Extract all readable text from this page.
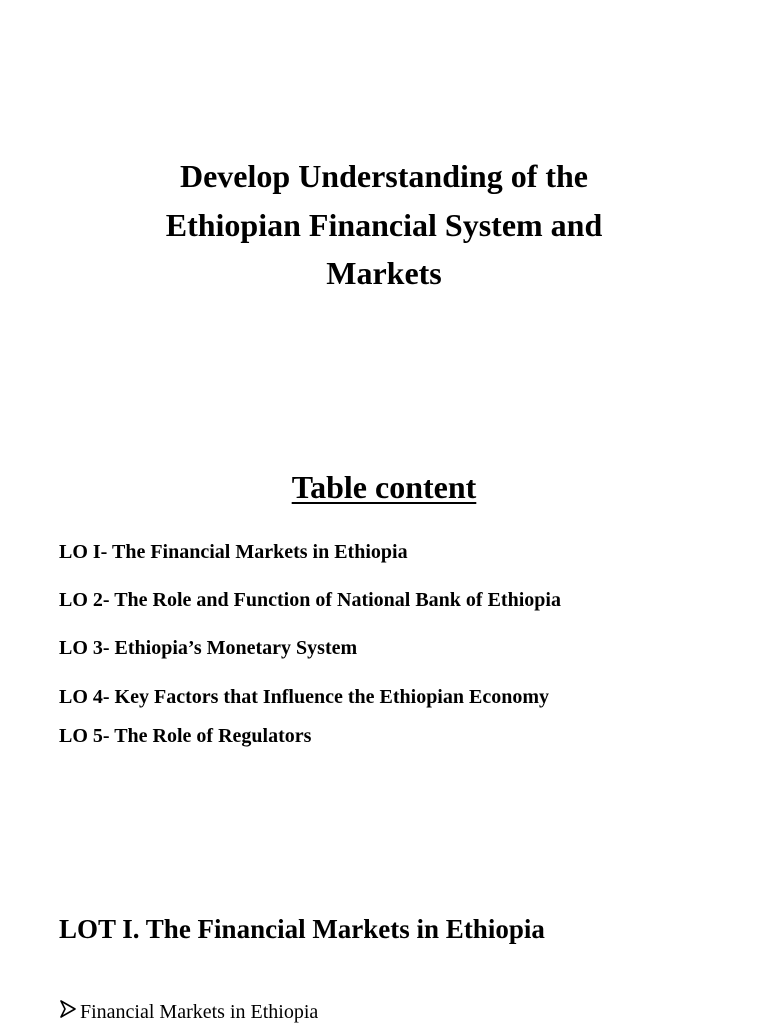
Develop Understanding of the
Ethiopian Financial System and
Markets
Table content

LO I- The Financial Markets in Ethiopia

LO 2- The Role and Function of National Bank of Ethiopia

LO 3- Ethiopia’s Monetary System

LO 4- Key Factors that Influence the Ethiopian Economy

LO 5- The Role of Regulators

LOT I. The Financial Markets in Ethiopia
Financial Markets in Ethiopia
